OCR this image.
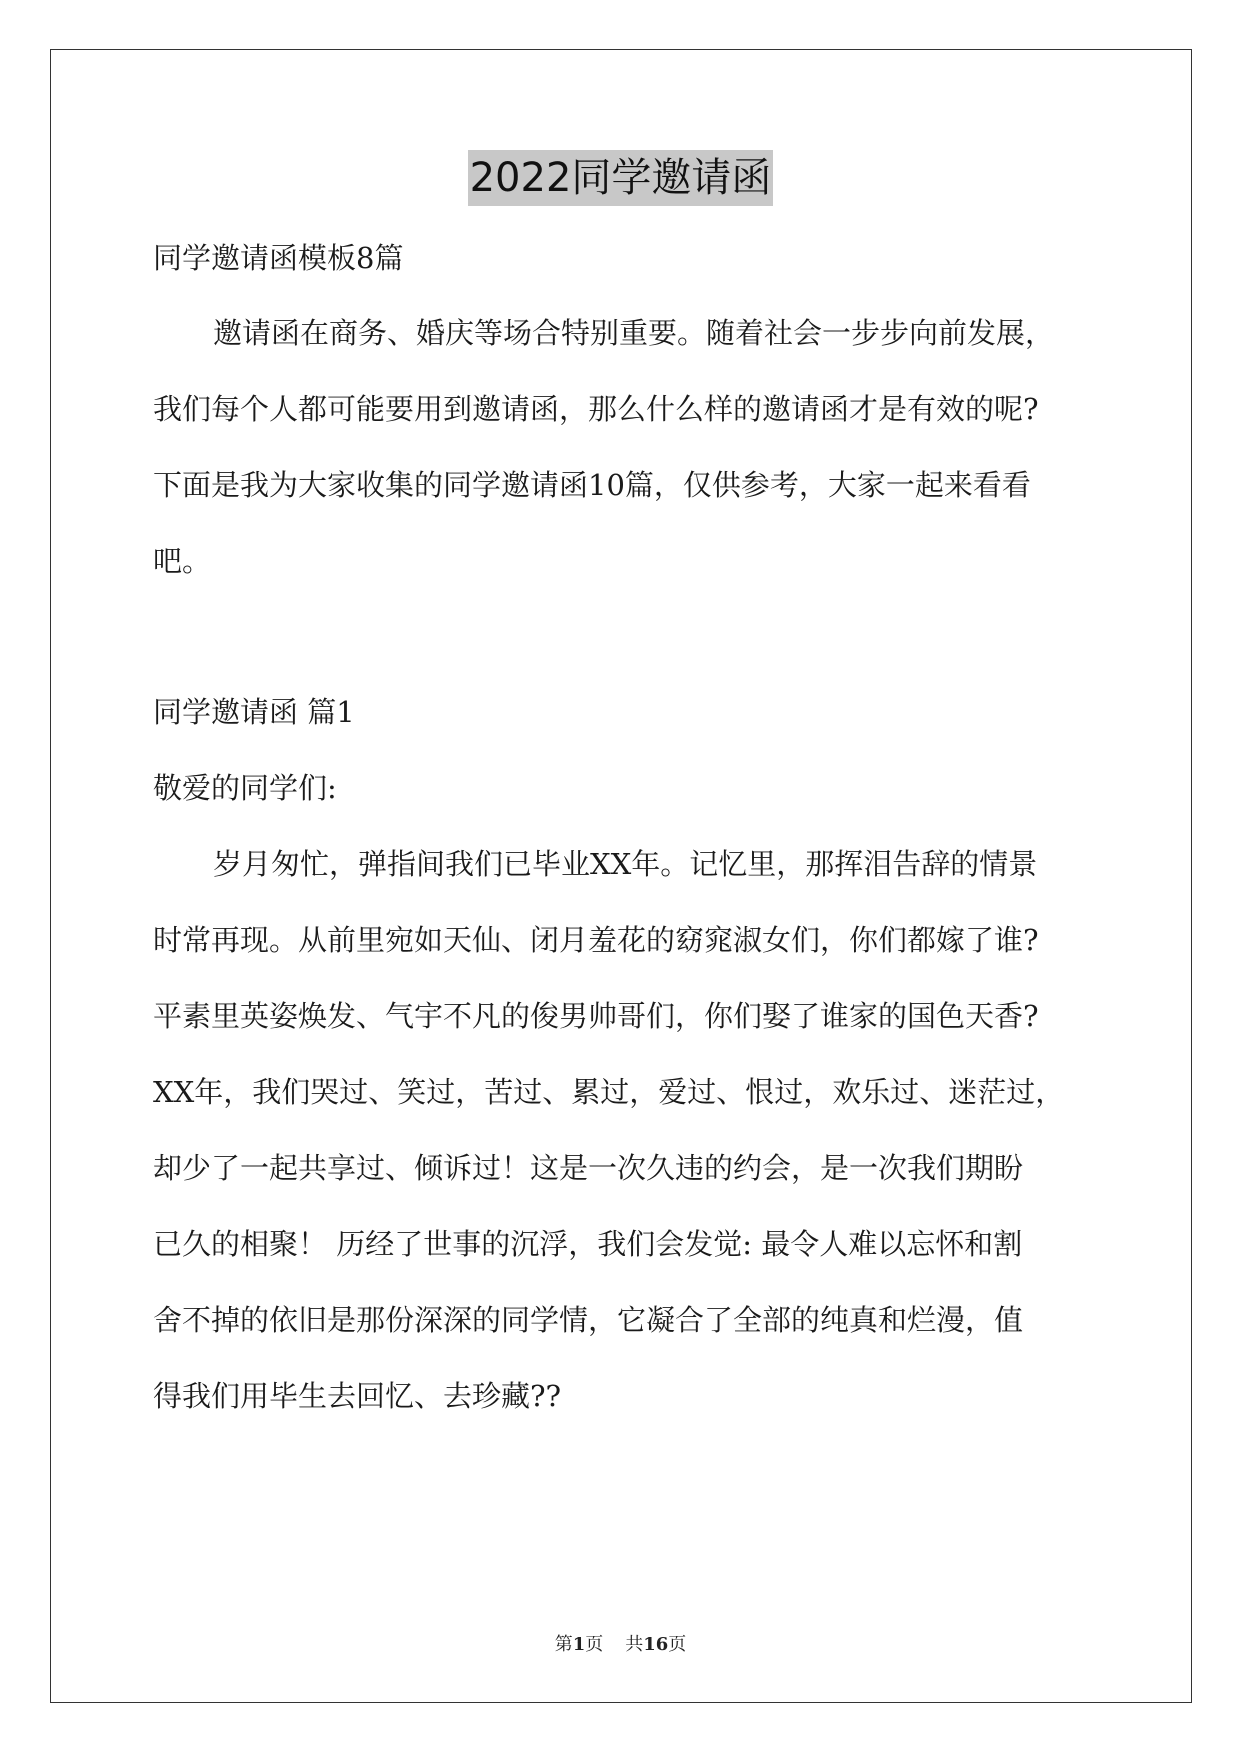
2022同学邀请函
同学邀请函模板8篇
邀请函在商务、婚庆等场合特别重要。随着社会一步步向前发展，
我们每个人都可能要用到邀请函，那么什么样的邀请函才是有效的呢?
下面是我为大家收集的同学邀请函10篇，仅供参考，大家一起来看看
吧。
同学邀请函 篇1
敬爱的同学们:
岁月匆忙，弹指间我们已毕业XX年。记忆里，那挥泪告辞的情景
时常再现。从前里宛如天仙、闭月羞花的窈窕淑女们，你们都嫁了谁?
平素里英姿焕发、气宇不凡的俊男帅哥们，你们娶了谁家的国色天香?
XX年，我们哭过、笑过，苦过、累过，爱过、恨过，欢乐过、迷茫过，
却少了一起共享过、倾诉过！这是一次久违的约会，是一次我们期盼
已久的相聚！ 历经了世事的沉浮，我们会发觉: 最令人难以忘怀和割
舍不掉的依旧是那份深深的同学情，它凝合了全部的纯真和烂漫，值
得我们用毕生去回忆、去珍藏??
第1页 共16页
